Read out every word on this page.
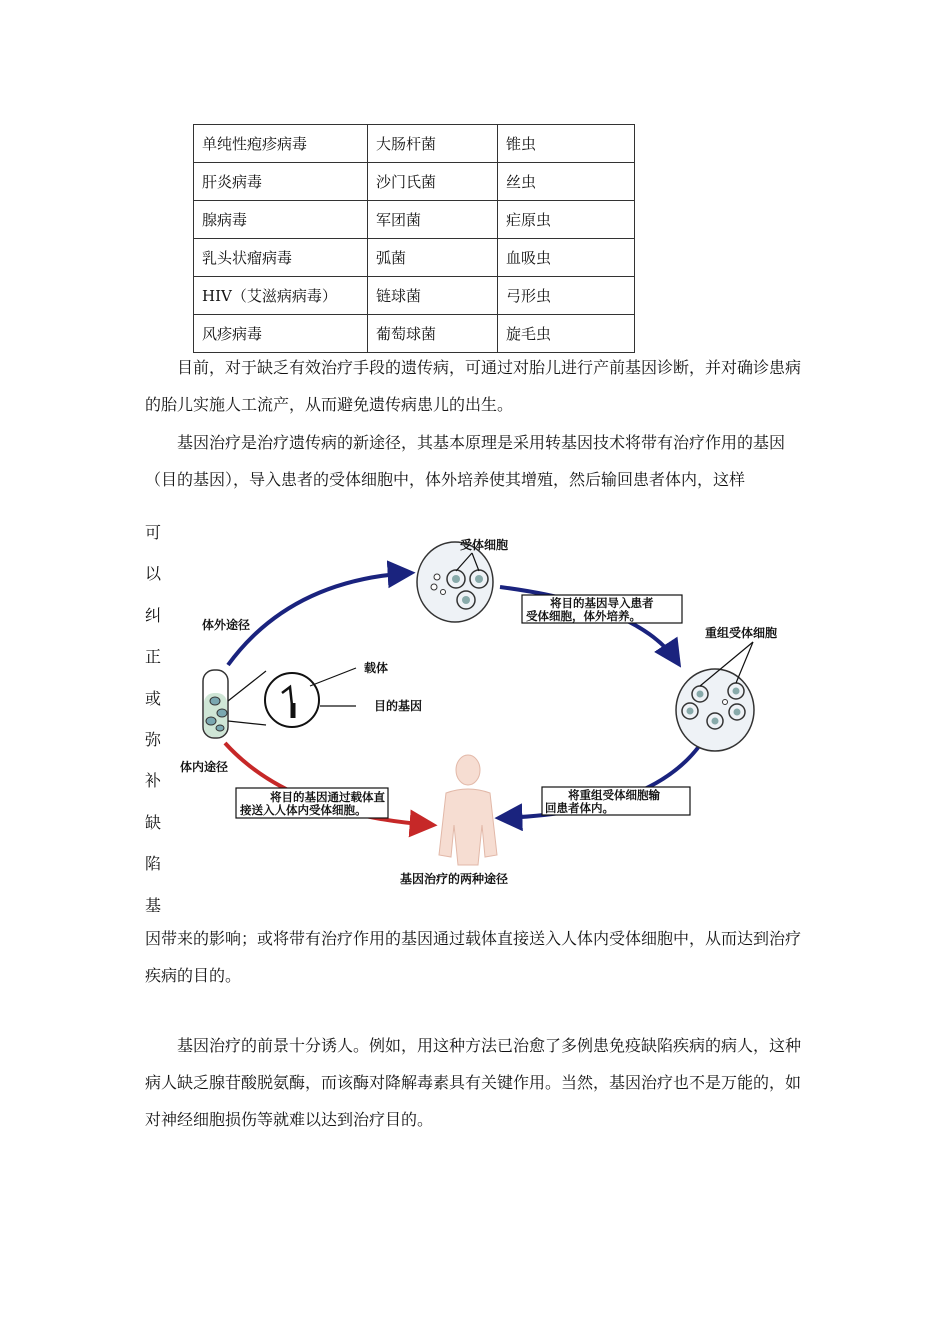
单纯性疱疹病毒	大肠杆菌	锥虫
肝炎病毒	沙门氏菌	丝虫
腺病毒	军团菌	疟原虫
乳头状瘤病毒	弧菌	血吸虫
HIV（艾滋病病毒）	链球菌	弓形虫
风疹病毒	葡萄球菌	旋毛虫

目前，对于缺乏有效治疗手段的遗传病，可通过对胎儿进行产前基因诊断，并对确诊患病的胎儿实施人工流产，从而避免遗传病患儿的出生。

基因治疗是治疗遗传病的新途径，其基本原理是采用转基因技术将带有治疗作用的基因（目的基因），导入患者的受体细胞中，体外培养使其增殖，然后输回患者体内，这样

可
以
纠
正
或
弥
补
缺
陷
基
受体细胞
将目的基因导入患者
受体细胞，体外培养。
重组受体细胞
将重组受体细胞输
回患者体内。
将目的基因通过载体直
接送入人体内受体细胞。
载体
目的基因
体外途径
体内途径
基因治疗的两种途径

因带来的影响；或将带有治疗作用的基因通过载体直接送入人体内受体细胞中，从而达到治疗疾病的目的。

基因治疗的前景十分诱人。例如，用这种方法已治愈了多例患免疫缺陷疾病的病人，这种病人缺乏腺苷酸脱氨酶，而该酶对降解毒素具有关键作用。当然，基因治疗也不是万能的，如对神经细胞损伤等就难以达到治疗目的。
